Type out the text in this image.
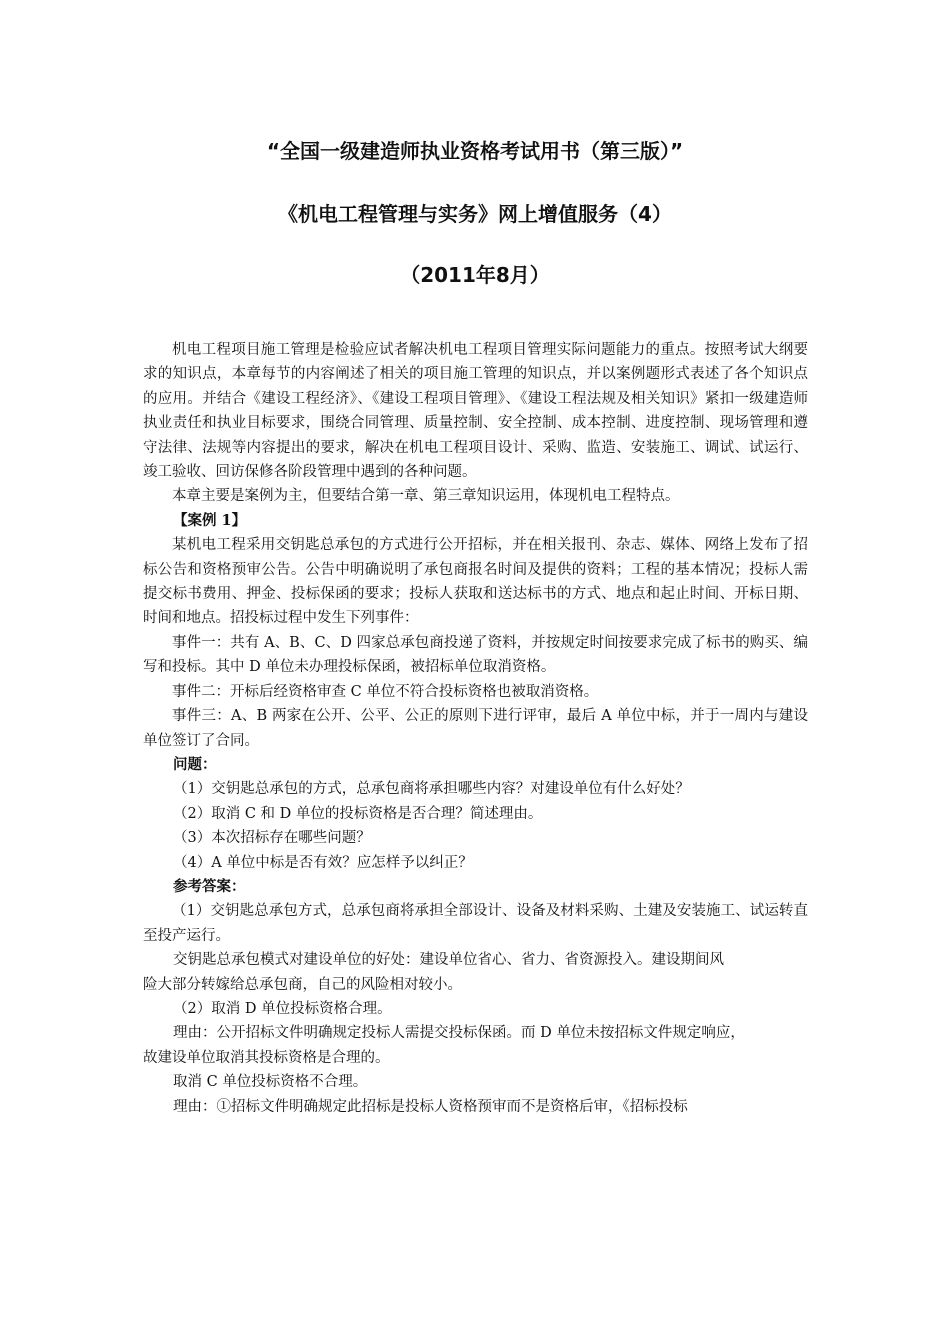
“全国一级建造师执业资格考试用书（第三版）”
《机电工程管理与实务》网上增值服务（4）
（2011年8月）

机电工程项目施工管理是检验应试者解决机电工程项目管理实际问题能力的重点。按照考试大纲要求的知识点，本章每节的内容阐述了相关的项目施工管理的知识点，并以案例题形式表述了各个知识点的应用。并结合《建设工程经济》、《建设工程项目管理》、《建设工程法规及相关知识》紧扣一级建造师执业责任和执业目标要求，围绕合同管理、质量控制、安全控制、成本控制、进度控制、现场管理和遵守法律、法规等内容提出的要求，解决在机电工程项目设计、采购、监造、安装施工、调试、试运行、竣工验收、回访保修各阶段管理中遇到的各种问题。

本章主要是案例为主，但要结合第一章、第三章知识运用，体现机电工程特点。

【案例 1】

某机电工程采用交钥匙总承包的方式进行公开招标，并在相关报刊、杂志、媒体、网络上发布了招标公告和资格预审公告。公告中明确说明了承包商报名时间及提供的资料；工程的基本情况；投标人需提交标书费用、押金、投标保函的要求；投标人获取和送达标书的方式、地点和起止时间、开标日期、时间和地点。招投标过程中发生下列事件：

事件一：共有 A、B、C、D 四家总承包商投递了资料，并按规定时间按要求完成了标书的购买、编写和投标。其中 D 单位未办理投标保函，被招标单位取消资格。

事件二：开标后经资格审查 C 单位不符合投标资格也被取消资格。

事件三：A、B 两家在公开、公平、公正的原则下进行评审，最后 A 单位中标，并于一周内与建设单位签订了合同。

问题：

（1）交钥匙总承包的方式，总承包商将承担哪些内容？对建设单位有什么好处？

（2）取消 C 和 D 单位的投标资格是否合理？简述理由。

（3）本次招标存在哪些问题？

（4）A 单位中标是否有效？应怎样予以纠正？

参考答案：

（1）交钥匙总承包方式，总承包商将承担全部设计、设备及材料采购、土建及安装施工、试运转直至投产运行。

交钥匙总承包模式对建设单位的好处：建设单位省心、省力、省资源投入。建设期间风

险大部分转嫁给总承包商，自己的风险相对较小。

（2）取消 D 单位投标资格合理。

理由：公开招标文件明确规定投标人需提交投标保函。而 D 单位未按招标文件规定响应，

故建设单位取消其投标资格是合理的。

取消 C 单位投标资格不合理。

理由：①招标文件明确规定此招标是投标人资格预审而不是资格后审，《招标投标
